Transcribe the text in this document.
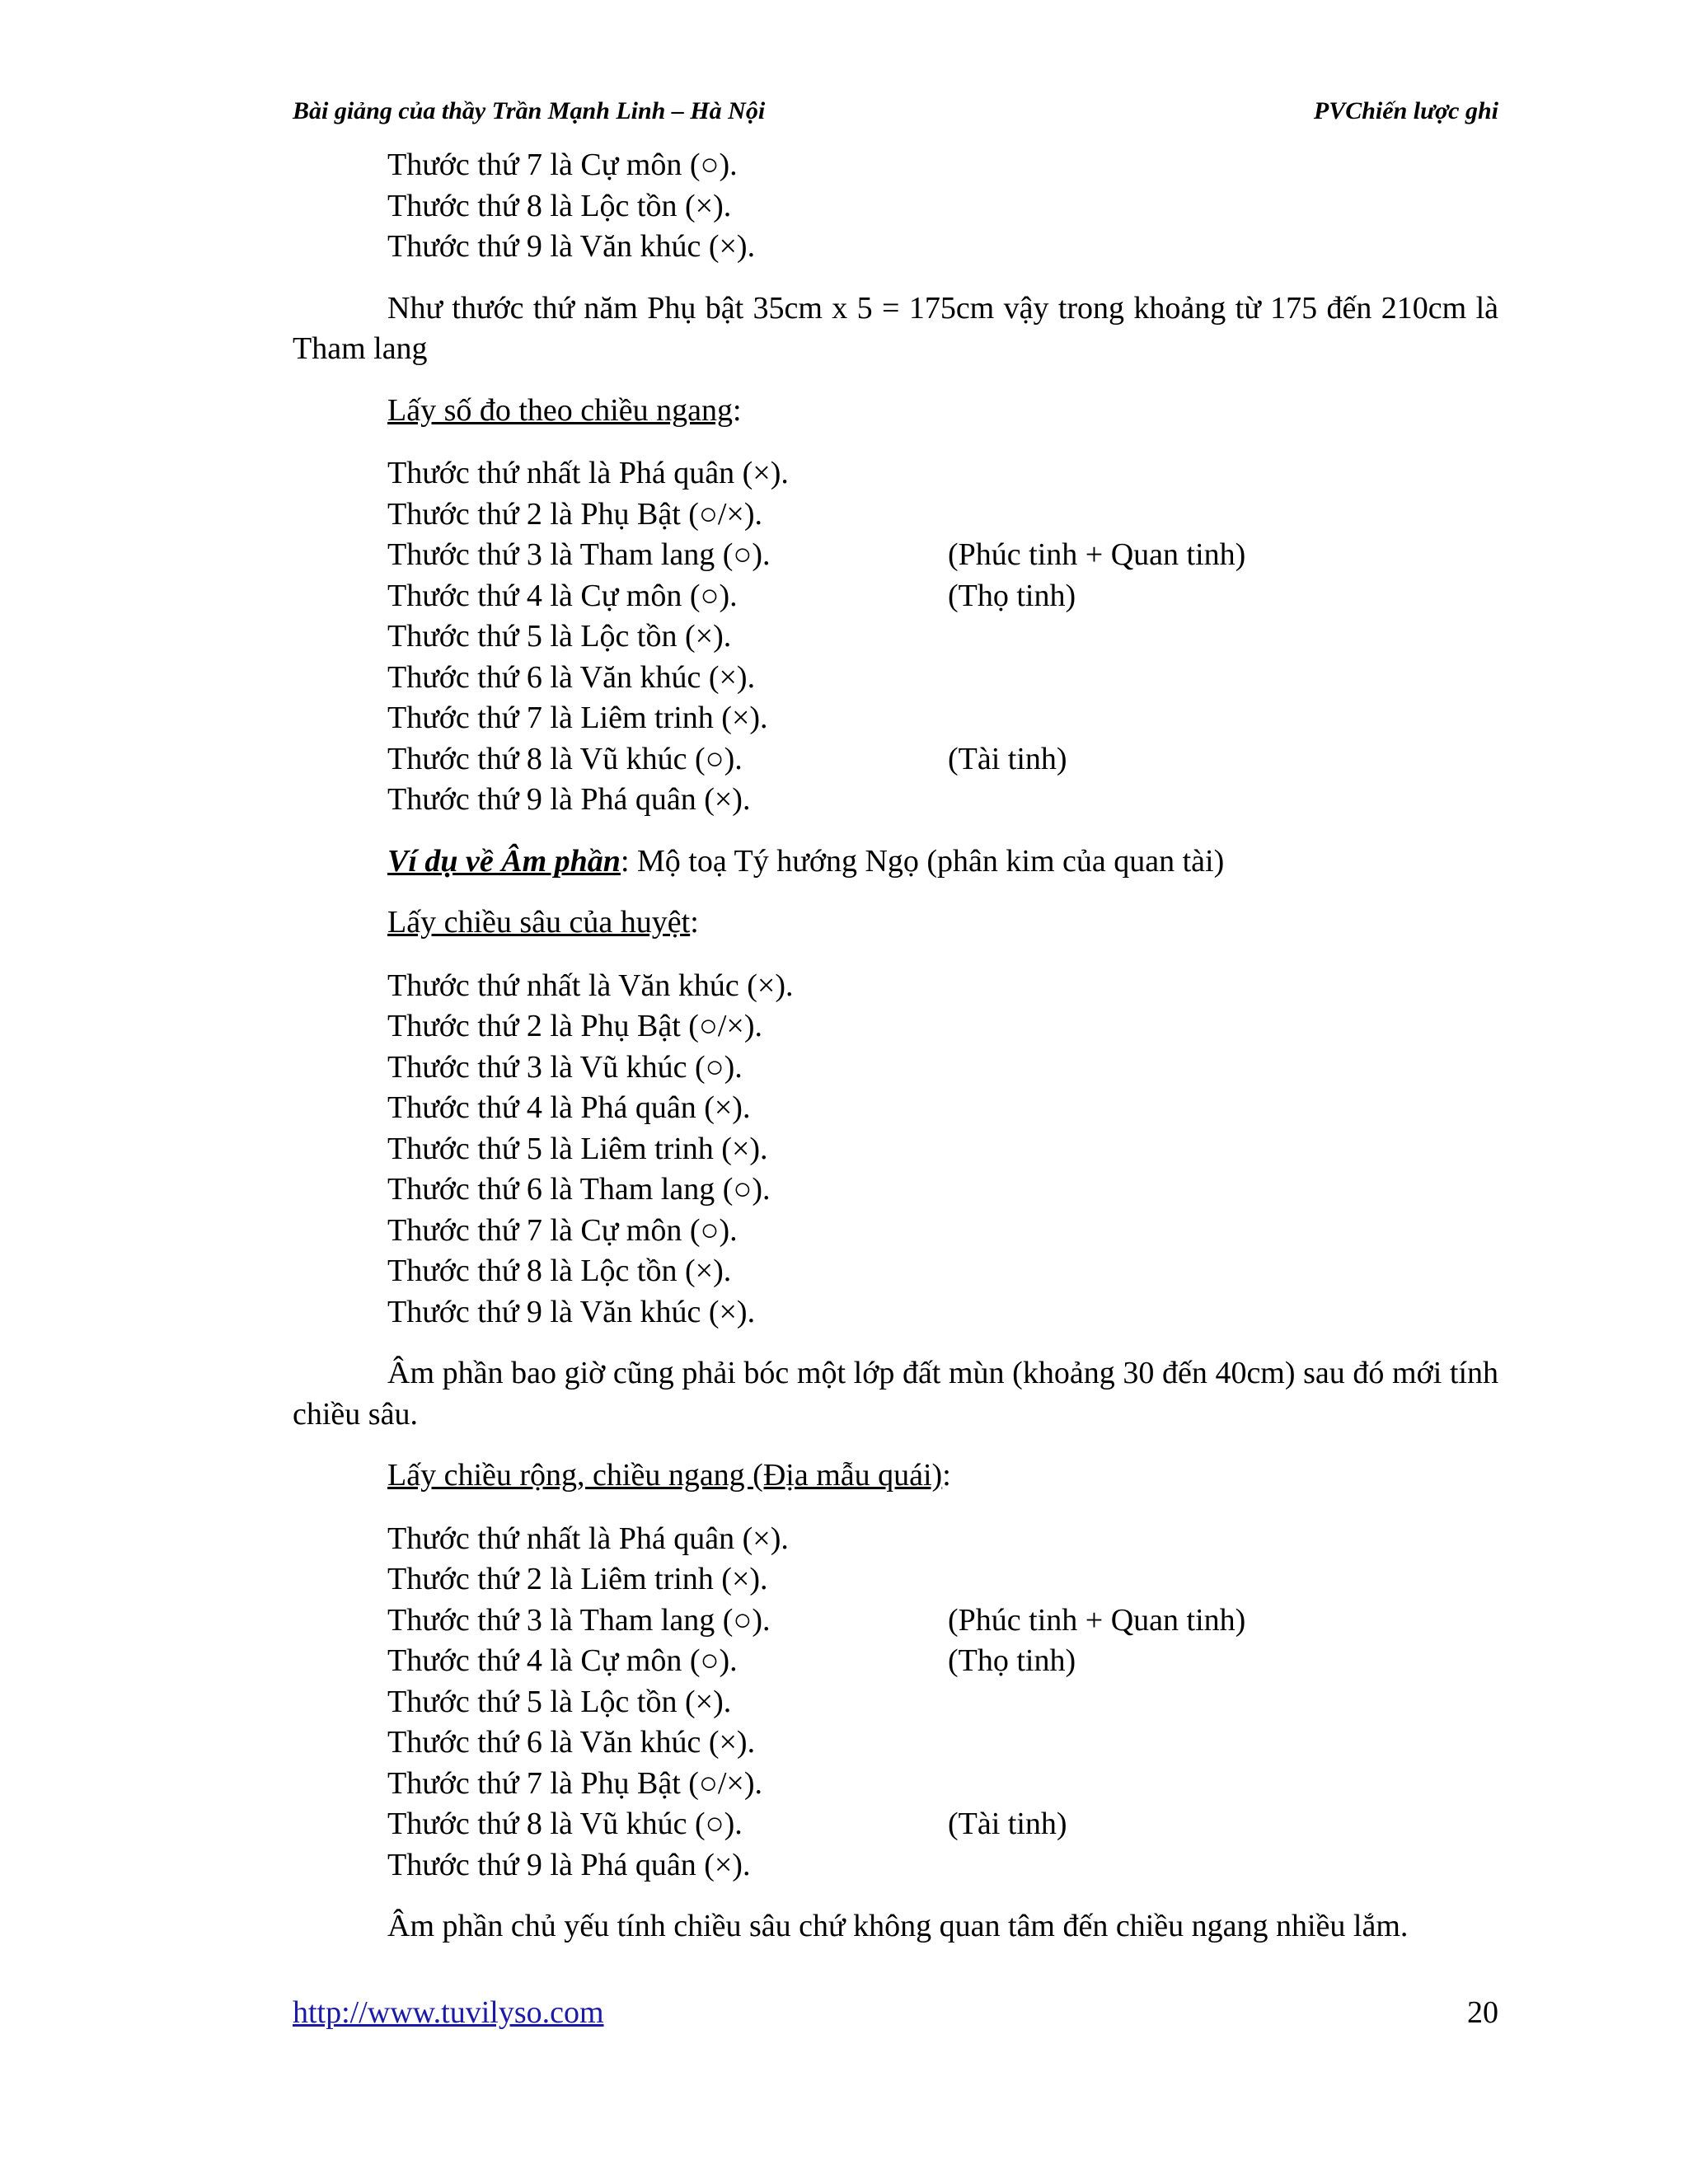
Bài giảng của thầy Trần Mạnh Linh – Hà Nội	PVChiến lược ghi
Thước thứ 7 là Cự môn (○).
Thước thứ 8 là Lộc tồn (×).
Thước thứ 9 là Văn khúc (×).
Như thước thứ năm Phụ bật 35cm x 5 = 175cm vậy trong khoảng từ 175 đến 210cm là Tham lang
Lấy số đo theo chiều ngang:
Thước thứ nhất là Phá quân (×).
Thước thứ 2 là Phụ Bật (○/×).
Thước thứ 3 là Tham lang (○).	(Phúc tinh + Quan tinh)
Thước thứ 4 là Cự môn (○).	(Thọ tinh)
Thước thứ 5 là Lộc tồn (×).
Thước thứ 6 là Văn khúc (×).
Thước thứ 7 là Liêm trinh (×).
Thước thứ 8 là Vũ khúc (○).	(Tài tinh)
Thước thứ 9 là Phá quân (×).
Ví dụ về Âm phần: Mộ toạ Tý hướng Ngọ (phân kim của quan tài)
Lấy chiều sâu của huyệt:
Thước thứ nhất là Văn khúc (×).
Thước thứ 2 là Phụ Bật (○/×).
Thước thứ 3 là Vũ khúc (○).
Thước thứ 4 là Phá quân (×).
Thước thứ 5 là Liêm trinh (×).
Thước thứ 6 là Tham lang (○).
Thước thứ 7 là Cự môn (○).
Thước thứ 8 là Lộc tồn (×).
Thước thứ 9 là Văn khúc (×).
Âm phần bao giờ cũng phải bóc một lớp đất mùn (khoảng 30 đến 40cm) sau đó mới tính chiều sâu.
Lấy chiều rộng, chiều ngang (Địa mẫu quái):
Thước thứ nhất là Phá quân (×).
Thước thứ 2 là Liêm trinh (×).
Thước thứ 3 là Tham lang (○).	(Phúc tinh + Quan tinh)
Thước thứ 4 là Cự môn (○).	(Thọ tinh)
Thước thứ 5 là Lộc tồn (×).
Thước thứ 6 là Văn khúc (×).
Thước thứ 7 là Phụ Bật (○/×).
Thước thứ 8 là Vũ khúc (○).	(Tài tinh)
Thước thứ 9 là Phá quân (×).
Âm phần chủ yếu tính chiều sâu chứ không quan tâm đến chiều ngang nhiều lắm.
http://www.tuvilyso.com	20
